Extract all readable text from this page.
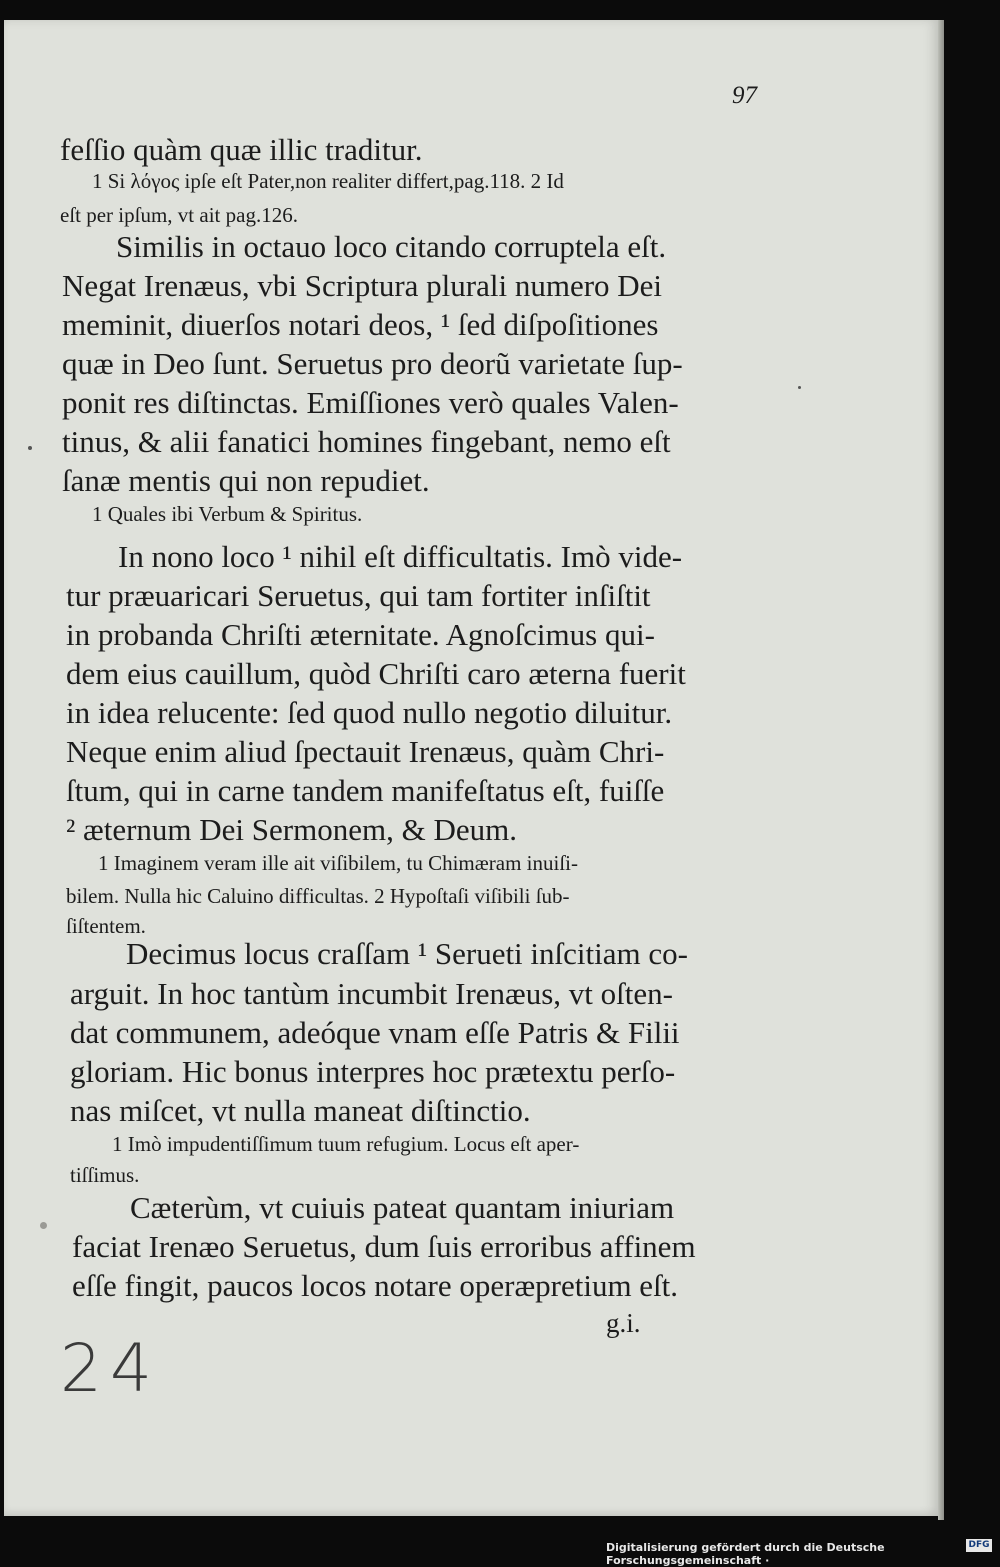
97
feſſio quàm quæ illic traditur.
1 Si λόγος ipſe eſt Pater,non realiter differt,pag.118. 2 Id
eſt per ipſum, vt ait pag.126.
Similis in octauo loco citando corruptela eſt.
Negat Irenæus, vbi Scriptura plurali numero Dei
meminit, diuerſos notari deos, ¹ ſed diſpoſitiones
quæ in Deo ſunt. Seruetus pro deorũ varietate ſup-
ponit res diſtinctas. Emiſſiones verò quales Valen-
tinus, & alii fanatici homines fingebant, nemo eſt
ſanæ mentis qui non repudiet.
1 Quales ibi Verbum & Spiritus.
In nono loco ¹ nihil eſt difficultatis. Imò vide-
tur præuaricari Seruetus, qui tam fortiter inſiſtit
in probanda Chriſti æternitate. Agnoſcimus qui-
dem eius cauillum, quòd Chriſti caro æterna fuerit
in idea relucente: ſed quod nullo negotio diluitur.
Neque enim aliud ſpectauit Irenæus, quàm Chri-
ſtum, qui in carne tandem manifeſtatus eſt, fuiſſe
² æternum Dei Sermonem, & Deum.
1 Imaginem veram ille ait viſibilem, tu Chimæram inuiſi-
bilem. Nulla hic Caluino difficultas. 2 Hypoſtaſi viſibili ſub-
ſiſtentem.
Decimus locus craſſam ¹ Serueti inſcitiam co-
arguit. In hoc tantùm incumbit Irenæus, vt oſten-
dat communem, adeóque vnam eſſe Patris & Filii
gloriam. Hic bonus interpres hoc prætextu perſo-
nas miſcet, vt nulla maneat diſtinctio.
1 Imò impudentiſſimum tuum refugium. Locus eſt aper-
tiſſimus.
Cæterùm, vt cuiuis pateat quantam iniuriam
faciat Irenæo Seruetus, dum ſuis erroribus affinem
eſſe fingit, paucos locos notare operæpretium eſt.
g.i.
24
Digitalisierung gefördert durch die Deutsche Forschungsgemeinschaft ·
DFG
